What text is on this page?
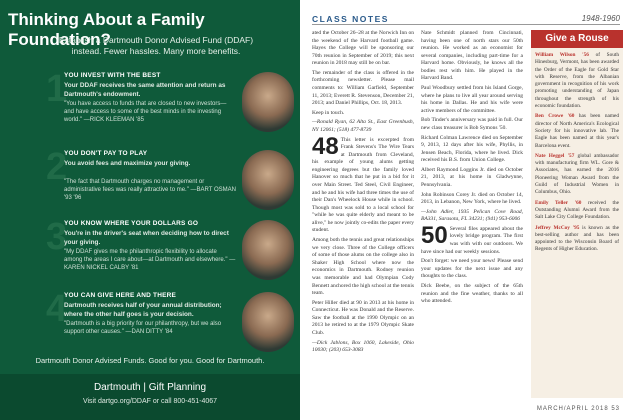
Thinking About a Family Foundation?
Establish a Dartmouth Donor Advised Fund (DDAF) instead. Fewer hassles. Many more benefits.
1
YOU INVEST WITH THE BEST
Your DDAF receives the same attention and return as Dartmouth's endowment.
"You have access to funds that are closed to new investors—and have access to some of the best minds in the investing world." —RICK KLEEMAN '85
2
YOU DON'T PAY TO PLAY
You avoid fees and maximize your giving.
"The fact that Dartmouth charges no management or administrative fees was really attractive to me." —BART OSMAN '93 '96
3
YOU KNOW WHERE YOUR DOLLARS GO
You're in the driver's seat when deciding how to direct your giving.
"My DDAF gives me the philanthropic flexibility to allocate among the areas I care about—at Dartmouth and elsewhere." —KAREN NICKEL CALBY '81
4
YOU CAN GIVE HERE AND THERE
Dartmouth receives half of your annual distribution; where the other half goes is your decision.
"Dartmouth is a big priority for our philanthropy, but we also support other causes." —DAN DITTY '84
Dartmouth Donor Advised Funds. Good for you. Good for Dartmouth.
Dartmouth | Gift Planning
Visit dartgo.org/DDAF or call 800-451-4067
CLASS NOTES	1948-1960

ated the October 26–28 at the Norwich Inn on the weekend of the Harvard football game. Hayes the College will be sponsoring our 70th reunion in September of 2019; this next reunion in 2018 may still be on bar.

The remainder of the class is offered in the forthcoming newsletter. Please mail comments to: William Garfield, September 11, 2013; Everett R. Stevenson, December 21, 2013; and Daniel Phillips, Oct. 18, 2013.

Keep in touch.

—Ronald Ryan, 62 Alta St., East Greenbush, NY 12061; (518) 477-8739

48 This letter is excerpted from Frank Stevens's The Wire Tears at Dartmouth from Cleveland, his example of young alums getting engineering degrees but the family loved Hanover so much that he put in a bid for it over Main Street. Ted Steel, Civil Engineer, and he and his wife had three times the use of their Dan's Wheelock House while in school. Though most was sold to a local school for "while he was quite elderly and meant to be alive," he now jointly co-edits the paper every student.

Among both the tennis and great relationships we very close. Three of the College officers of some of those alums on the college also in Shaker High School where now the economics in Dartmouth. Rodney reunion was memorable and had Olympian Cody Bennett anchored the high school at the tennis team.

Peter Hiller died at 90 in 2013 at his home in Connecticut. He was Donald and the Reserve. Saw the football at the 1990 Olympic on an 2013 he retired to at the 1979 Olympic Skate Club.

—Dick Jablons, Box 1060, Lakeside, Ohio 10030; (203) 653-3083

Nate Schmidt planned from Cincinnati, having been one of north stars our 50th reunion. He worked as an economist for several companies, including part-time for a Harvard home. Obviously, he knows all the bodies rest with him. He played in the Harvard Band.

Paul Woodbury settled from his Island Gorge, where he plans to live all year around serving his home in Dallas. He and his wife were active members of the committee.

Bob Tinder's anniversary was paid in full. Our new class treasurer is Bob Symons '50.

Richard Colman Lawrence died on September 9, 2013, 12 days after his wife, Phyllis, in Jensen Beach, Florida, where he lived. Dick received his B.S. from Union College.

Albert Raymond Loggins Jr. died on October 21, 2013, at his home in Gladwynne, Pennsylvania.

John Robinson Corey Jr. died on October 14, 2013, in Lebanon, New York, where he lived.

—John Adler, 1935 Pelican Cove Road, BA331, Sarasota, FL 34231; (941) 953-6006

50 Several files appeared about the lovely bridge program. The first was with with our outdoors. We have since had our weekly sessions.

Don't forget: we need your news! Please send your updates for the next issue and any thoughts to the class.

Dick Beebe, on the subject of the 65th reunion and the fine weather, thanks to all who attended.

Give a Rouse

William Wilson '56 of South Hinesburg, Vermont, has been awarded the Order of the Eagle for Gold Star with Reserve, from the Albanian government in recognition of his work promoting understanding of Japan throughout the strength of his economic foundation.

Ben Crowe '60 has been named director of North America's Ecological Society for his innovative lab. The Eagle has been named at this year's Barcelona event.

Nate Heggel '57 global ambassador with manufacturing firm WL. Gore & Associates, has earned the 2016 Pioneering Woman Award from the Guild of Industrial Women in Columbus, Ohio.

Emily Teller '60 received the Outstanding Alumni Award from the Salt Lake City College Foundation.

Jeffrey McCoy '95 is known as the best-selling author and has been appointed to the Wisconsin Board of Regents of Higher Education.

MARCH/APRIL 2018 53
